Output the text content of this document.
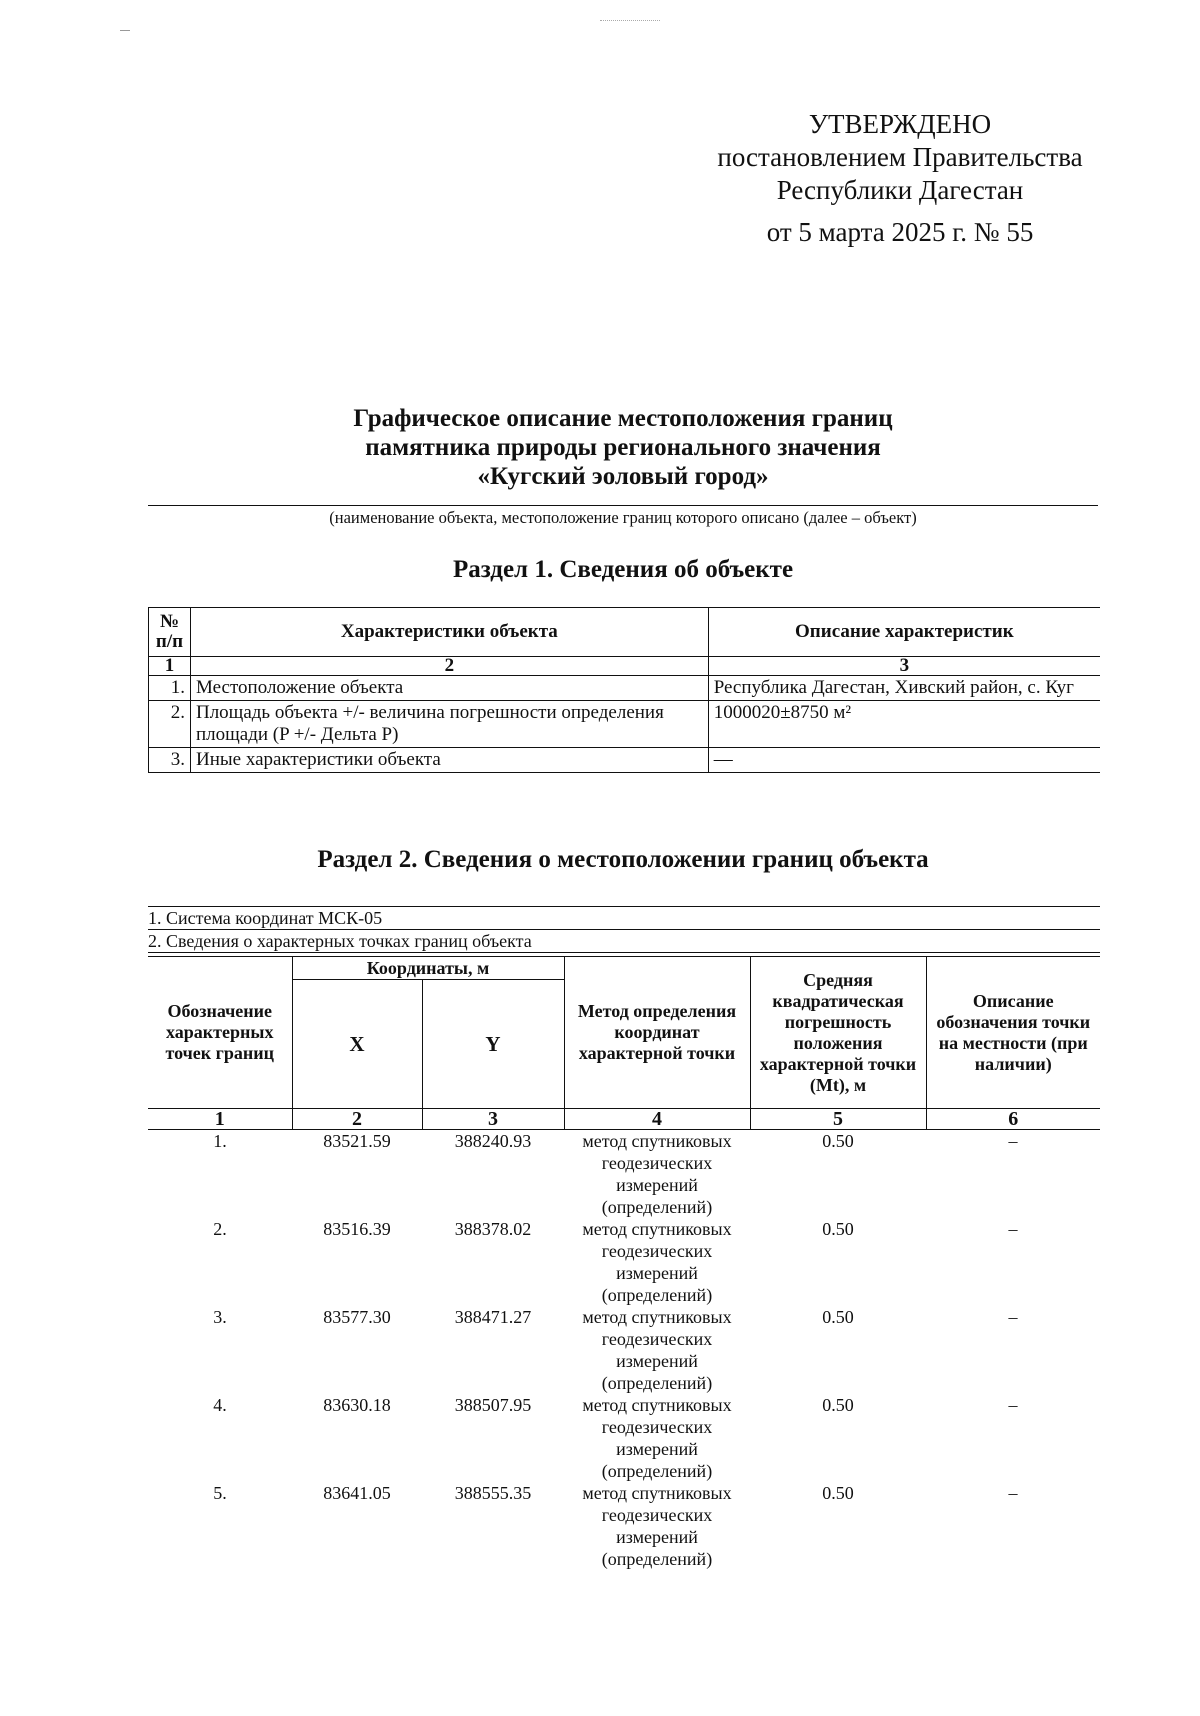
УТВЕРЖДЕНО
постановлением Правительства
Республики Дагестан
от 5 марта 2025 г. № 55
Графическое описание местоположения границ
памятника природы регионального значения
«Кугский эоловый город»
(наименование объекта, местоположение границ которого описано (далее – объект)
Раздел 1. Сведения об объекте
№ п/п	Характеристики объекта	Описание характеристик
1	2	3
1.	Местоположение объекта	Республика Дагестан, Хивский район, с. Куг
2.	Площадь объекта +/- величина погрешности определения площади (P +/- Дельта P)	1000020±8750 м²
3.	Иные характеристики объекта	—
Раздел 2. Сведения о местоположении границ объекта
1. Система координат МСК-05
2. Сведения о характерных точках границ объекта
Обозначение характерных точек границ	Координаты, м		Метод определения координат характерной точки	Средняя квадратическая погрешность положения характерной точки (Mt), м	Описание обозначения точки на местности (при наличии)
	X	Y			
1	2	3	4	5	6
1.	83521.59	388240.93	метод спутниковых геодезических измерений (определений)	0.50	–
2.	83516.39	388378.02	метод спутниковых геодезических измерений (определений)	0.50	–
3.	83577.30	388471.27	метод спутниковых геодезических измерений (определений)	0.50	–
4.	83630.18	388507.95	метод спутниковых геодезических измерений (определений)	0.50	–
5.	83641.05	388555.35	метод спутниковых геодезических измерений (определений)	0.50	–
